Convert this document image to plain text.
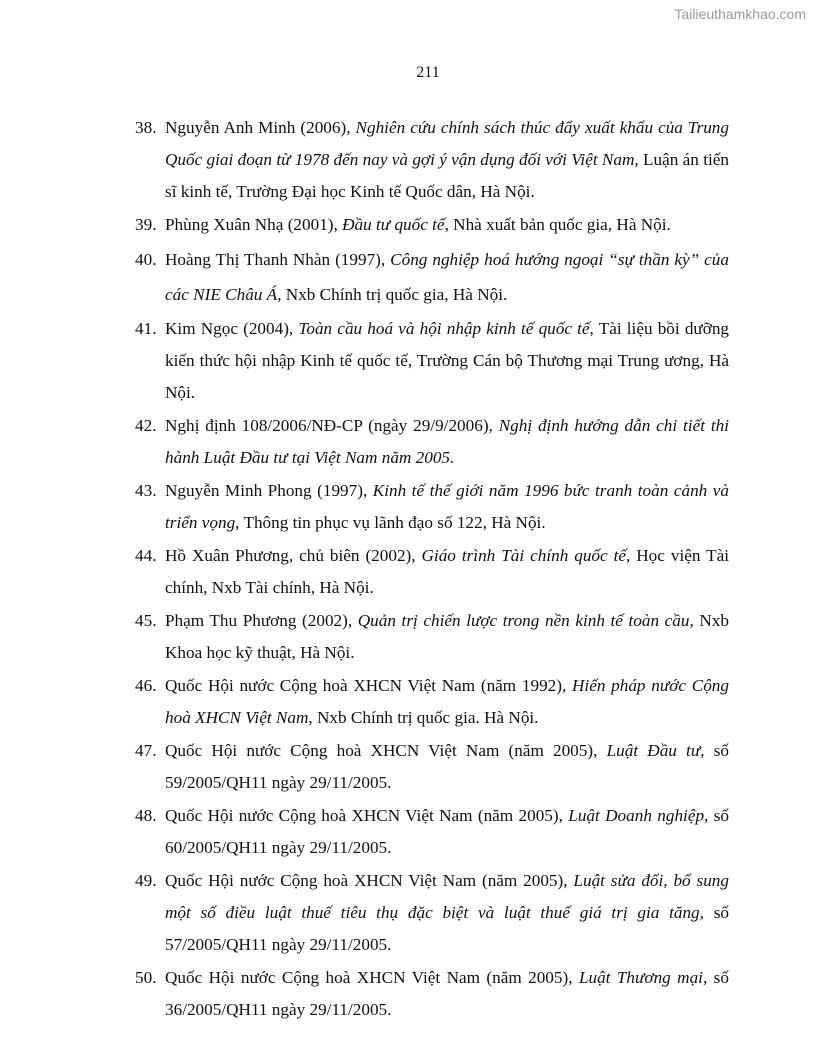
Tailieuthamkhao.com
211
38. Nguyễn Anh Minh (2006), Nghiên cứu chính sách thúc đẩy xuất khẩu của Trung Quốc giai đoạn từ 1978 đến nay và gợi ý vận dụng đối với Việt Nam, Luận án tiến sĩ kinh tế, Trường Đại học Kinh tế Quốc dân, Hà Nội.
39. Phùng Xuân Nhạ (2001), Đầu tư quốc tế, Nhà xuất bản quốc gia, Hà Nội.
40. Hoàng Thị Thanh Nhàn (1997), Công nghiệp hoá hướng ngoại “sự thần kỳ” của các NIE Châu Á, Nxb Chính trị quốc gia, Hà Nội.
41. Kim Ngọc (2004), Toàn cầu hoá và hội nhập kinh tế quốc tế, Tài liệu bồi dưỡng kiến thức hội nhập Kinh tế quốc tế, Trường Cán bộ Thương mại Trung ương, Hà Nội.
42. Nghị định 108/2006/NĐ-CP (ngày 29/9/2006), Nghị định hướng dẫn chi tiết thi hành Luật Đầu tư tại Việt Nam năm 2005.
43. Nguyễn Minh Phong (1997), Kinh tế thế giới năm 1996 bức tranh toàn cảnh và triển vọng, Thông tin phục vụ lãnh đạo số 122, Hà Nội.
44. Hồ Xuân Phương, chủ biên (2002), Giáo trình Tài chính quốc tế, Học viện Tài chính, Nxb Tài chính, Hà Nội.
45. Phạm Thu Phương (2002), Quản trị chiến lược trong nền kinh tế toàn cầu, Nxb Khoa học kỹ thuật, Hà Nội.
46. Quốc Hội nước Cộng hoà XHCN Việt Nam (năm 1992), Hiến pháp nước Cộng hoà XHCN Việt Nam, Nxb Chính trị quốc gia. Hà Nội.
47. Quốc Hội nước Cộng hoà XHCN Việt Nam (năm 2005), Luật Đầu tư, số 59/2005/QH11 ngày 29/11/2005.
48. Quốc Hội nước Cộng hoà XHCN Việt Nam (năm 2005), Luật Doanh nghiệp, số 60/2005/QH11 ngày 29/11/2005.
49. Quốc Hội nước Cộng hoà XHCN Việt Nam (năm 2005), Luật sửa đổi, bổ sung một số điều luật thuế tiêu thụ đặc biệt và luật thuế giá trị gia tăng, số 57/2005/QH11 ngày 29/11/2005.
50. Quốc Hội nước Cộng hoà XHCN Việt Nam (năm 2005), Luật Thương mại, số 36/2005/QH11 ngày 29/11/2005.
